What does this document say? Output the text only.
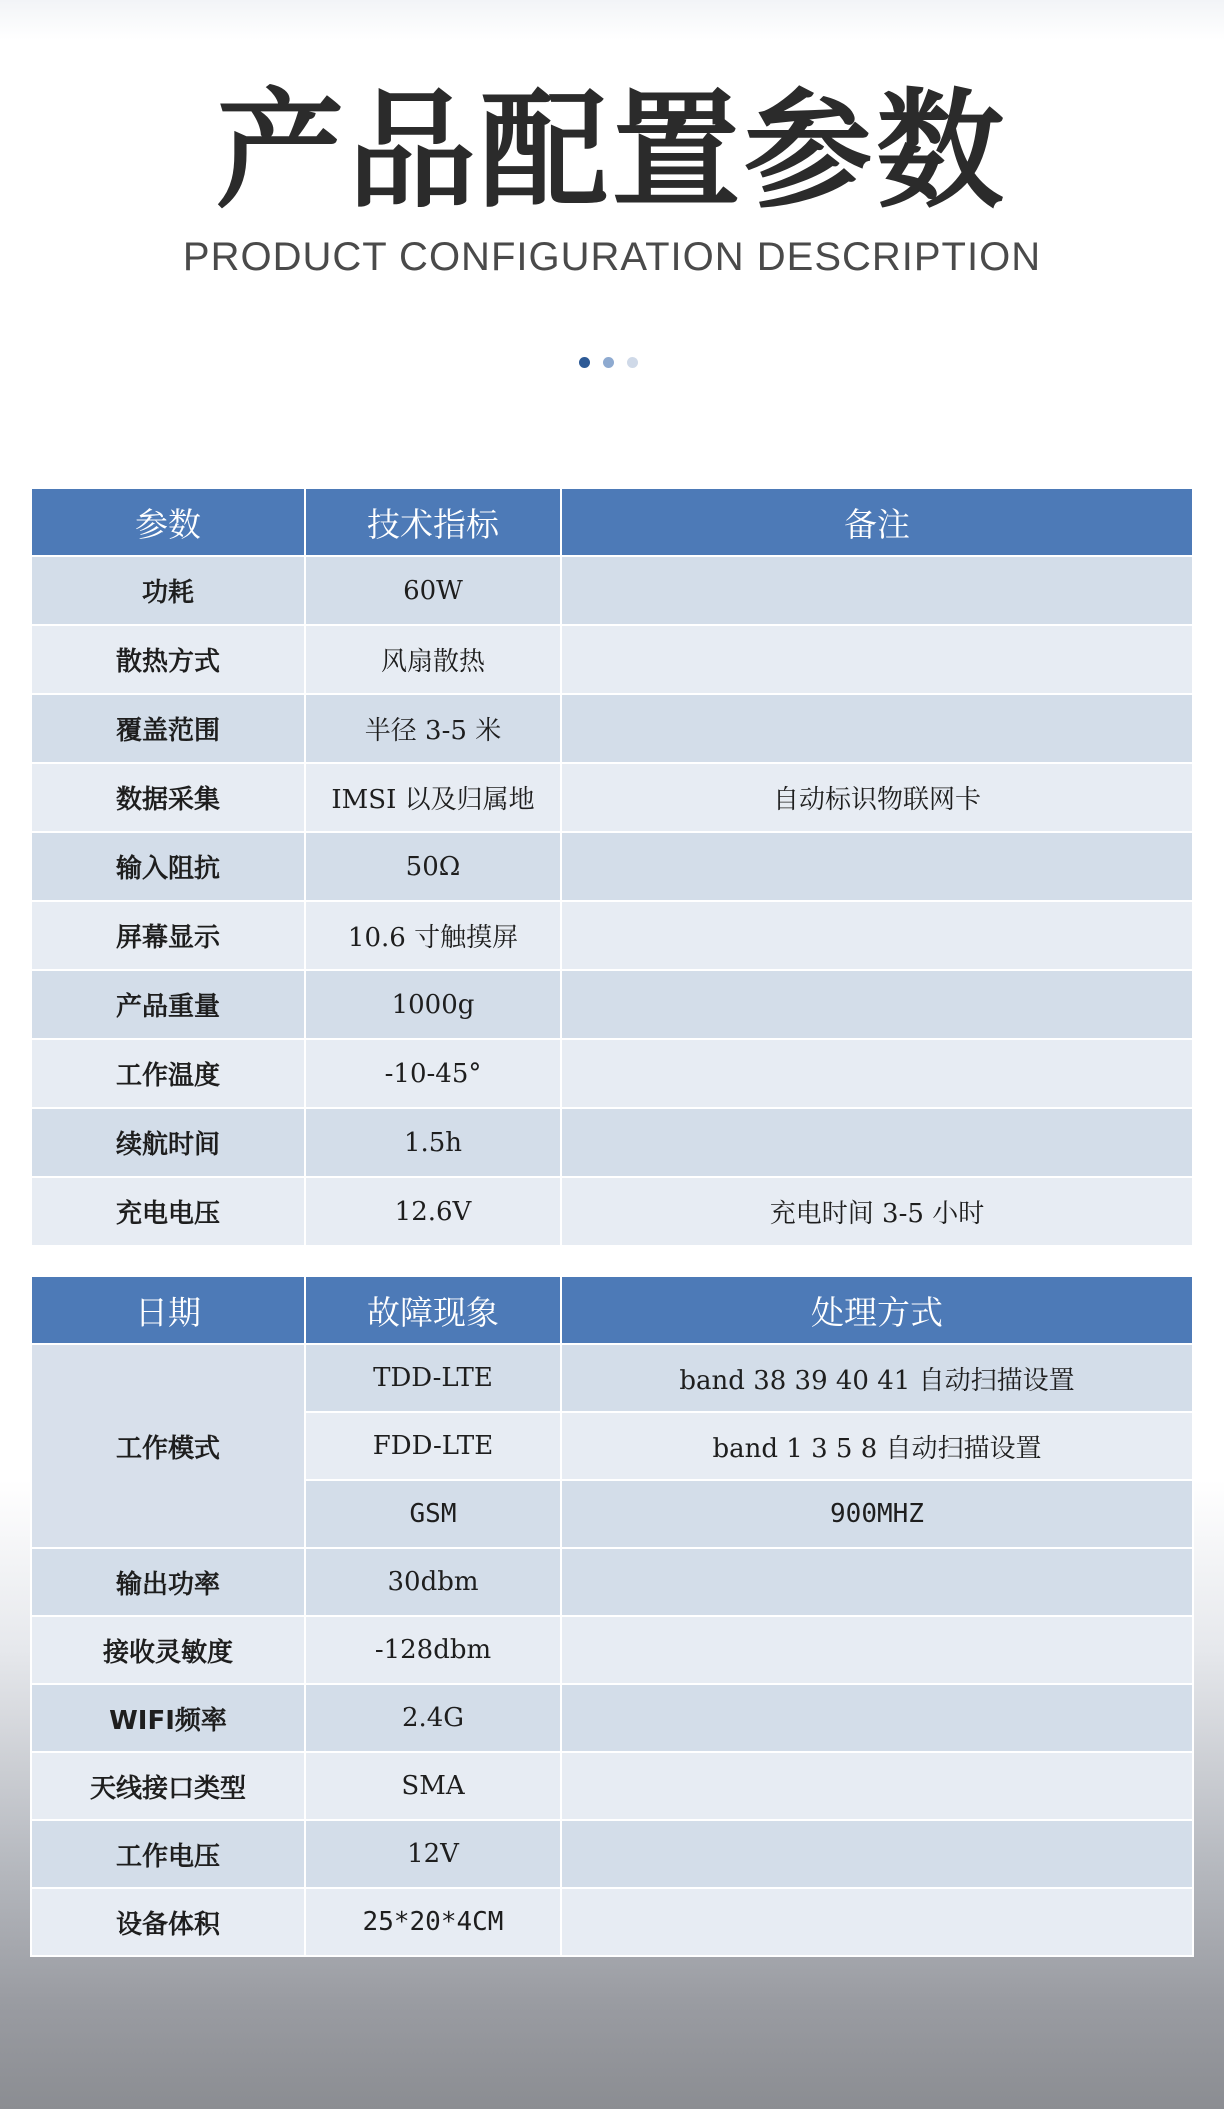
产品配置参数
PRODUCT CONFIGURATION DESCRIPTION
参数	技术指标	备注
功耗	60W	
散热方式	风扇散热	
覆盖范围	半径 3-5 米	
数据采集	IMSI 以及归属地	自动标识物联网卡
输入阻抗	50Ω	
屏幕显示	10.6 寸触摸屏	
产品重量	1000g	
工作温度	-10-45°	
续航时间	1.5h	
充电电压	12.6V	充电时间 3-5 小时
日期	故障现象	处理方式
工作模式	TDD-LTE	band 38 39 40 41 自动扫描设置
	FDD-LTE	band 1 3 5 8 自动扫描设置
	GSM	900MHZ
输出功率	30dbm	
接收灵敏度	-128dbm	
WIFI频率	2.4G	
天线接口类型	SMA	
工作电压	12V	
设备体积	25*20*4CM	
